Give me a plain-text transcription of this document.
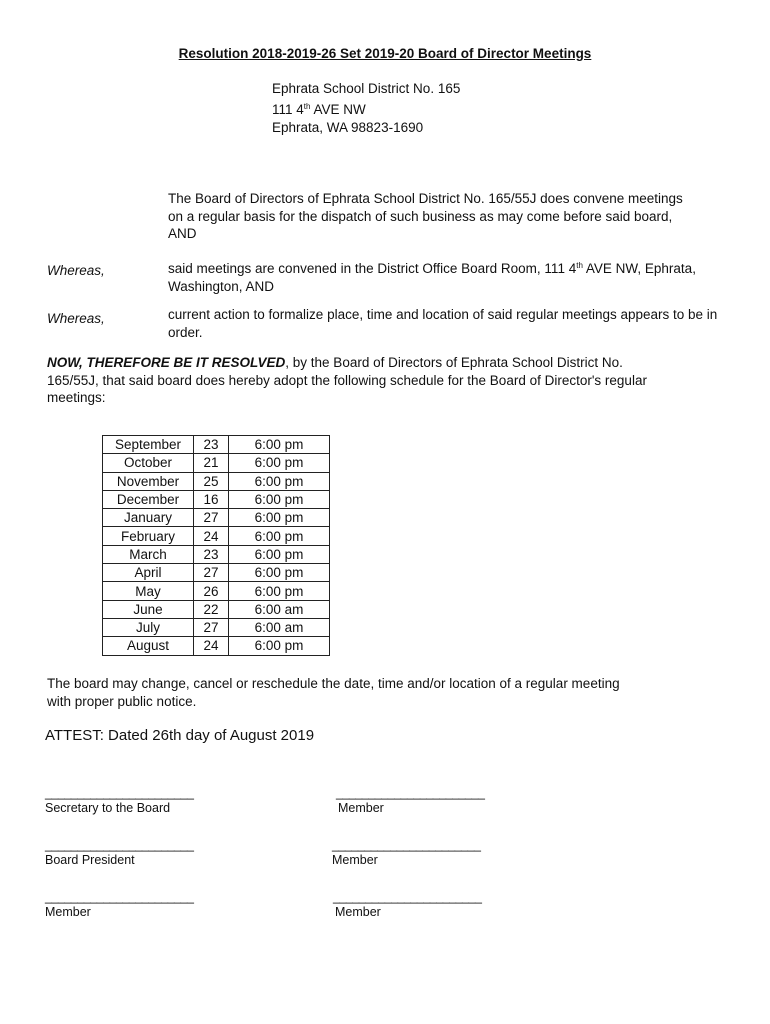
Resolution 2018-2019-26 Set 2019-20 Board of Director Meetings
Ephrata School District No. 165
111 4th AVE NW
Ephrata, WA 98823-1690
The Board of Directors of Ephrata School District No. 165/55J does convene meetings on a regular basis for the dispatch of such business as may come before said board, AND
Whereas,	said meetings are convened in the District Office Board Room, 111 4th AVE NW, Ephrata, Washington, AND
Whereas,	current action to formalize place, time and location of said regular meetings appears to be in order.
NOW, THEREFORE BE IT RESOLVED, by the Board of Directors of Ephrata School District No. 165/55J, that said board does hereby adopt the following schedule for the Board of Director's regular meetings:
September	23	6:00 pm
October	21	6:00 pm
November	25	6:00 pm
December	16	6:00 pm
January	27	6:00 pm
February	24	6:00 pm
March	23	6:00 pm
April	27	6:00 pm
May	26	6:00 pm
June	22	6:00 am
July	27	6:00 am
August	24	6:00 pm
The board may change, cancel or reschedule the date, time and/or location of a regular meeting with proper public notice.
ATTEST: Dated 26th day of August 2019
_______________________
Secretary to the Board
_______________________
Member
_______________________
Board President
_______________________
Member
_______________________
Member
_______________________
Member
